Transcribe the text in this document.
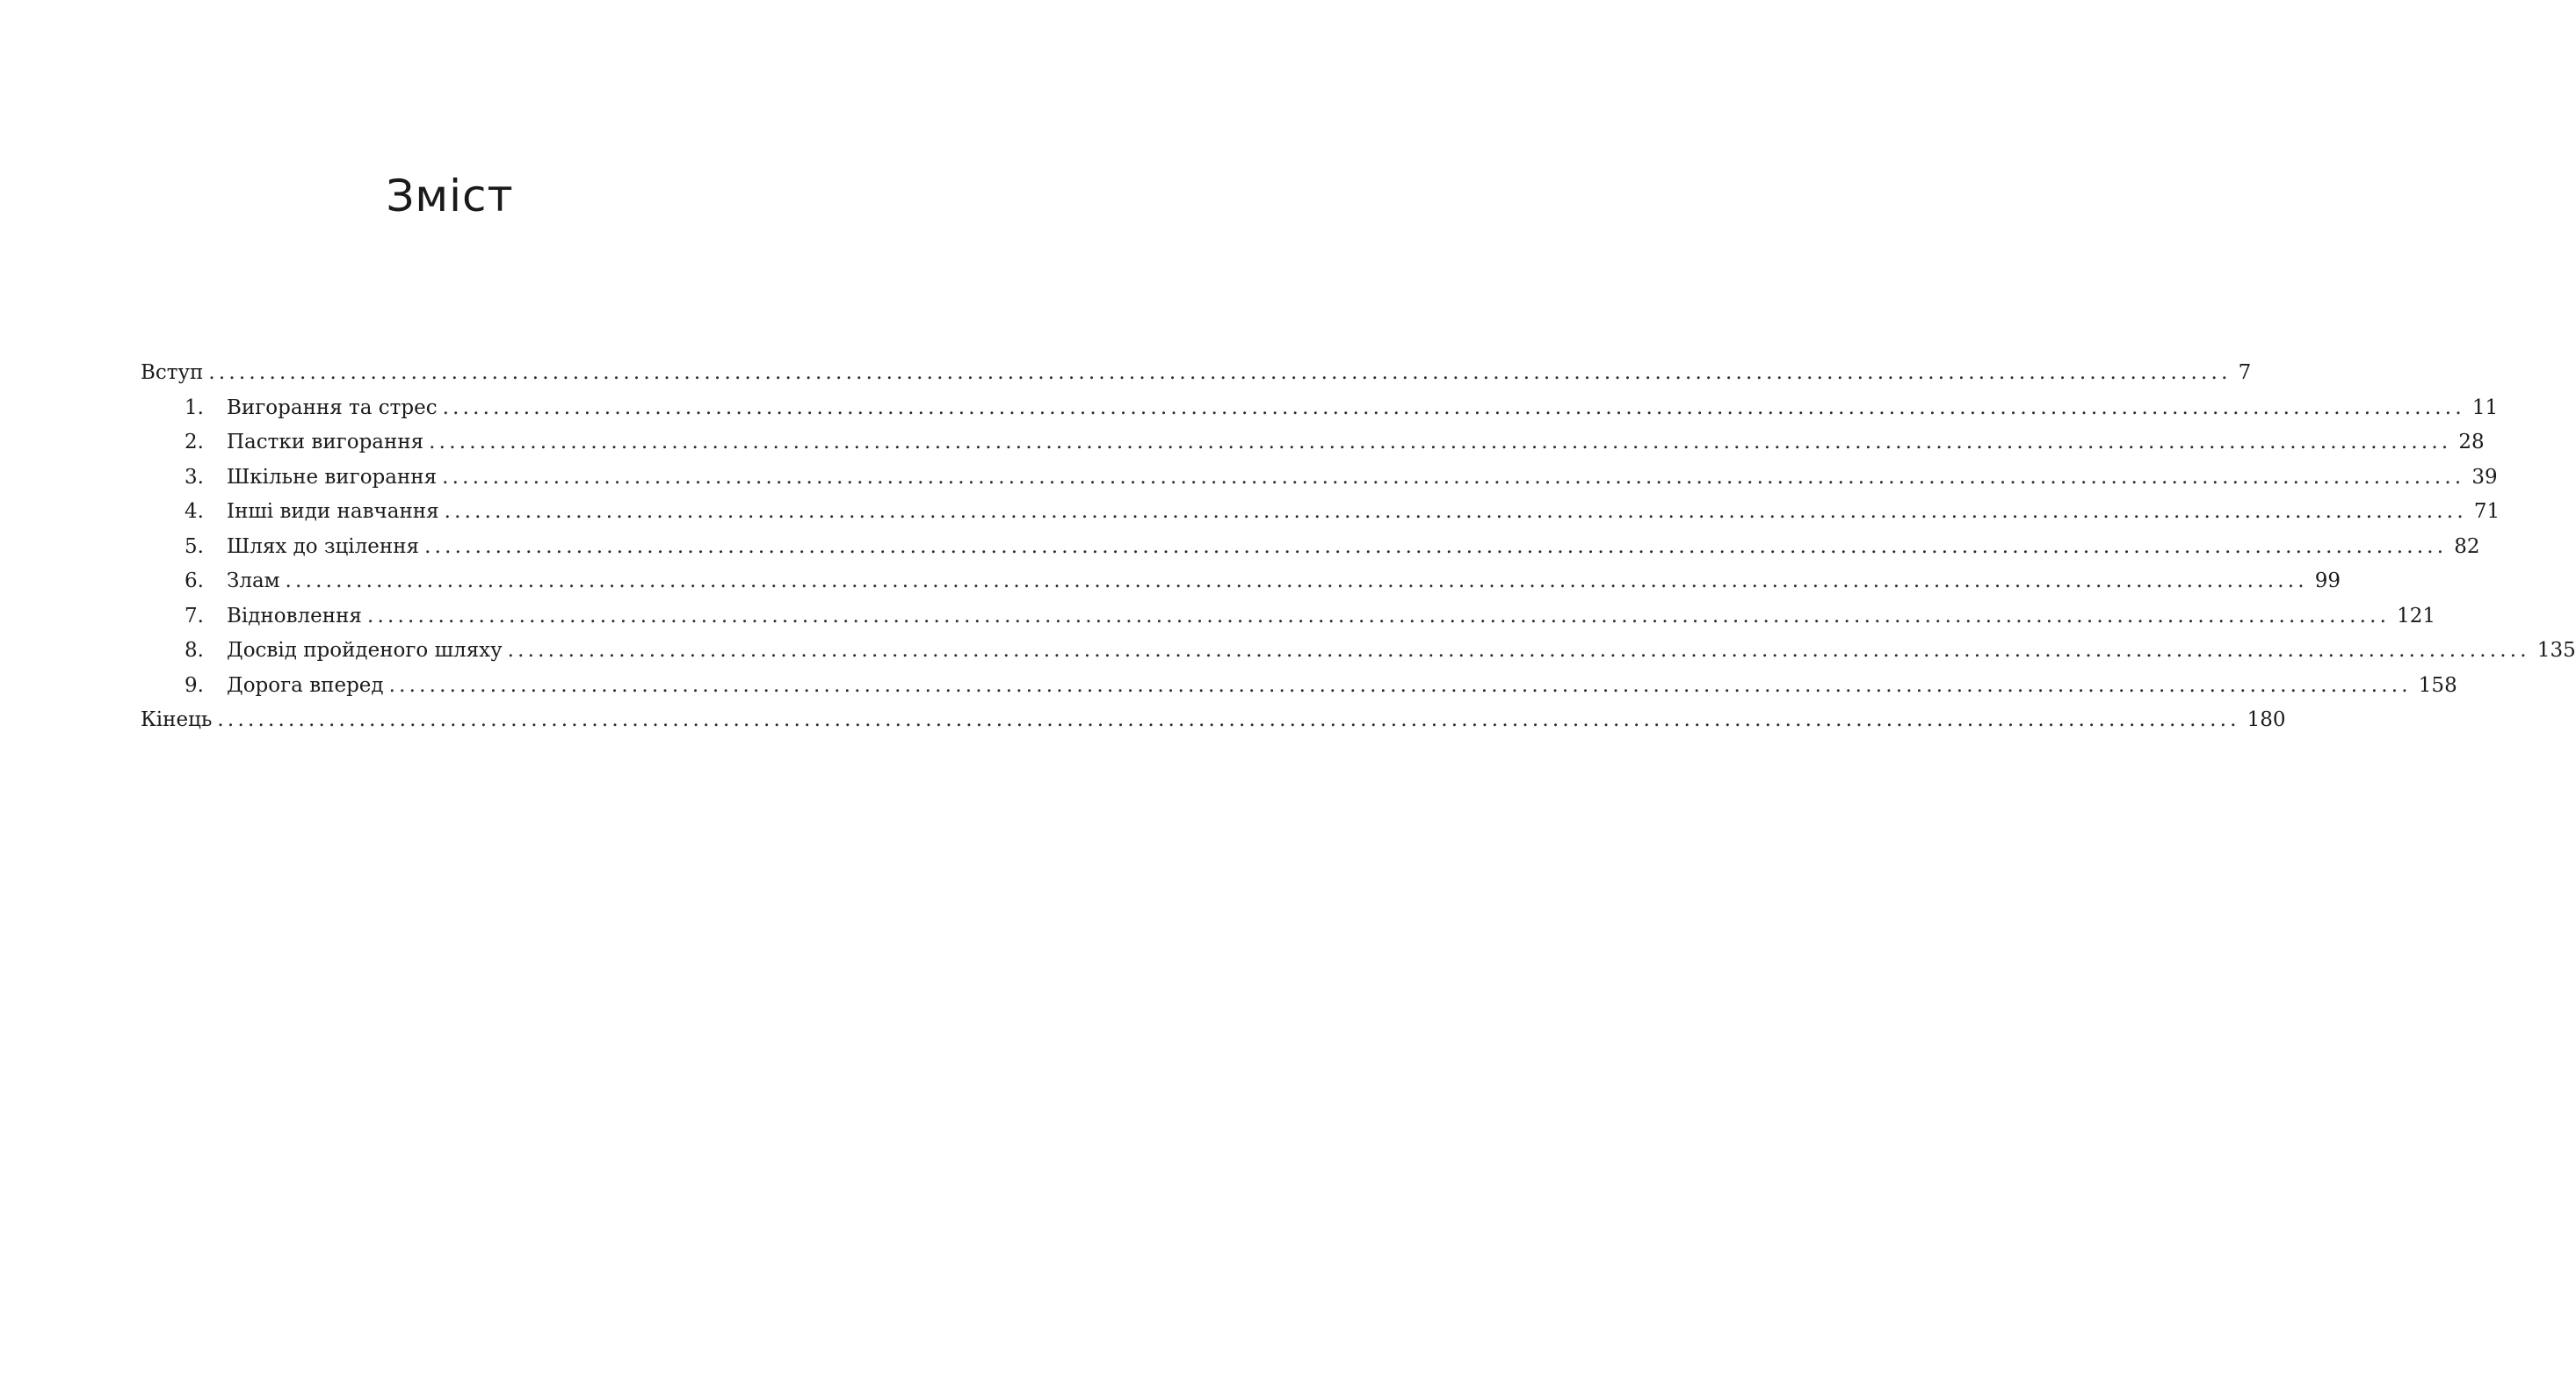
Зміст
Вступ ........................................................................................................................................................................................................ 7
1.	Вигорання та стрес ........................................................................................................................................................................................................ 11
2.	Пастки вигорання ........................................................................................................................................................................................................ 28
3.	Шкільне вигорання ........................................................................................................................................................................................................ 39
4.	Інші види навчання ........................................................................................................................................................................................................ 71
5.	Шлях до зцілення ........................................................................................................................................................................................................ 82
6.	Злам ........................................................................................................................................................................................................ 99
7.	Відновлення ........................................................................................................................................................................................................ 121
8.	Досвід пройденого шляху ........................................................................................................................................................................................................ 135
9.	Дорога вперед ........................................................................................................................................................................................................ 158
Кінець ........................................................................................................................................................................................................ 180
